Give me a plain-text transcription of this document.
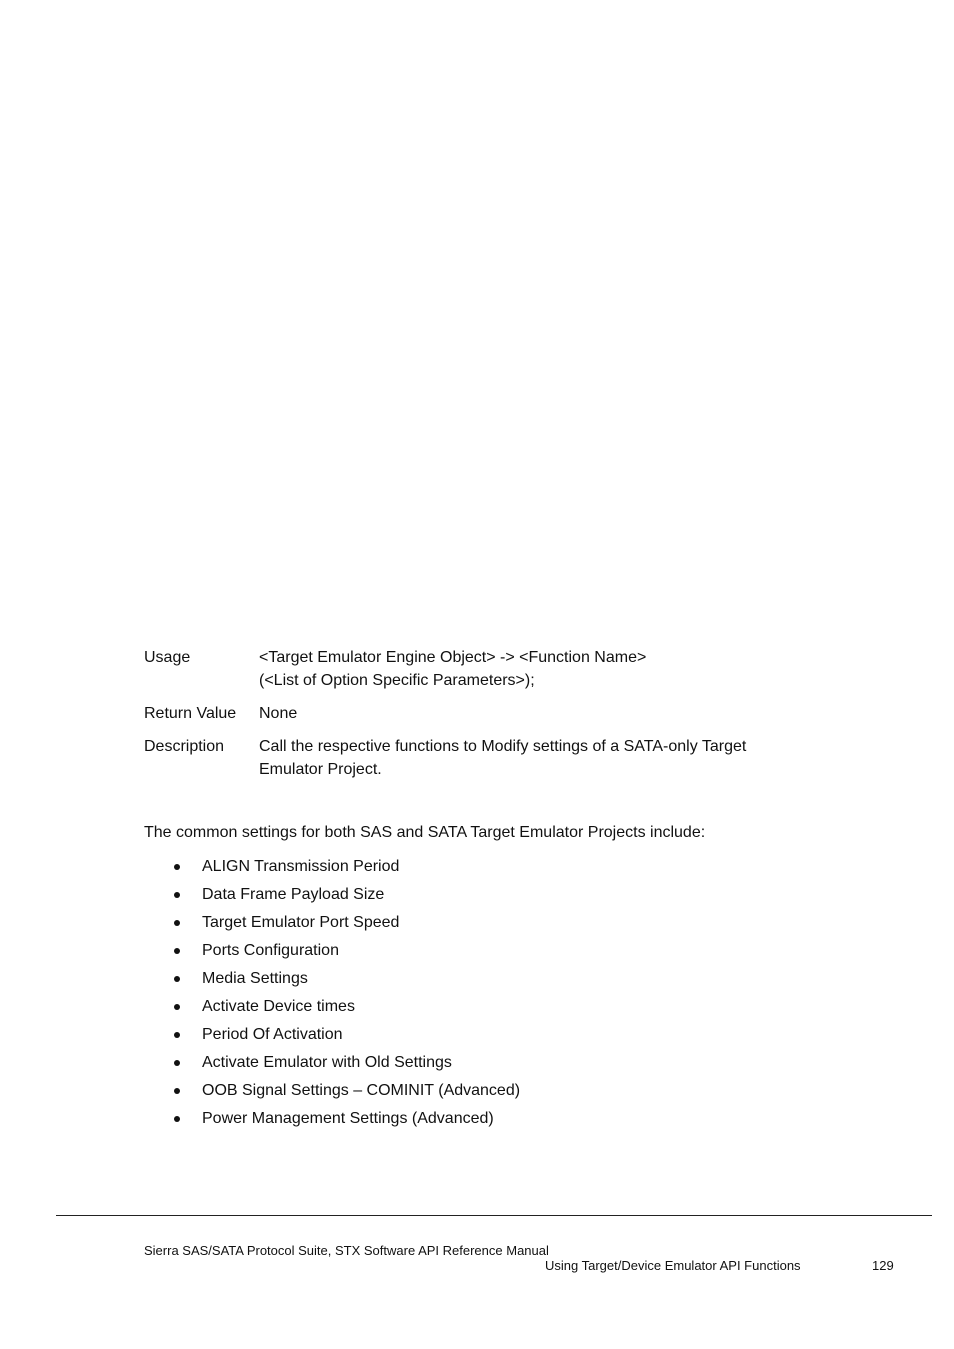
Usage	<Target Emulator Engine Object> -> <Function Name>
(<List of Option Specific Parameters>);
Return Value	None
Description	Call the respective functions to Modify settings of a SATA-only Target
Emulator Project.
The common settings for both SAS and SATA Target Emulator Projects include:
ALIGN Transmission Period
Data Frame Payload Size
Target Emulator Port Speed
Ports Configuration
Media Settings
Activate Device times
Period Of Activation
Activate Emulator with Old Settings
OOB Signal Settings – COMINIT (Advanced)
Power Management Settings (Advanced)
Sierra SAS/SATA Protocol Suite, STX Software API Reference Manual
Using Target/Device Emulator API Functions	129
